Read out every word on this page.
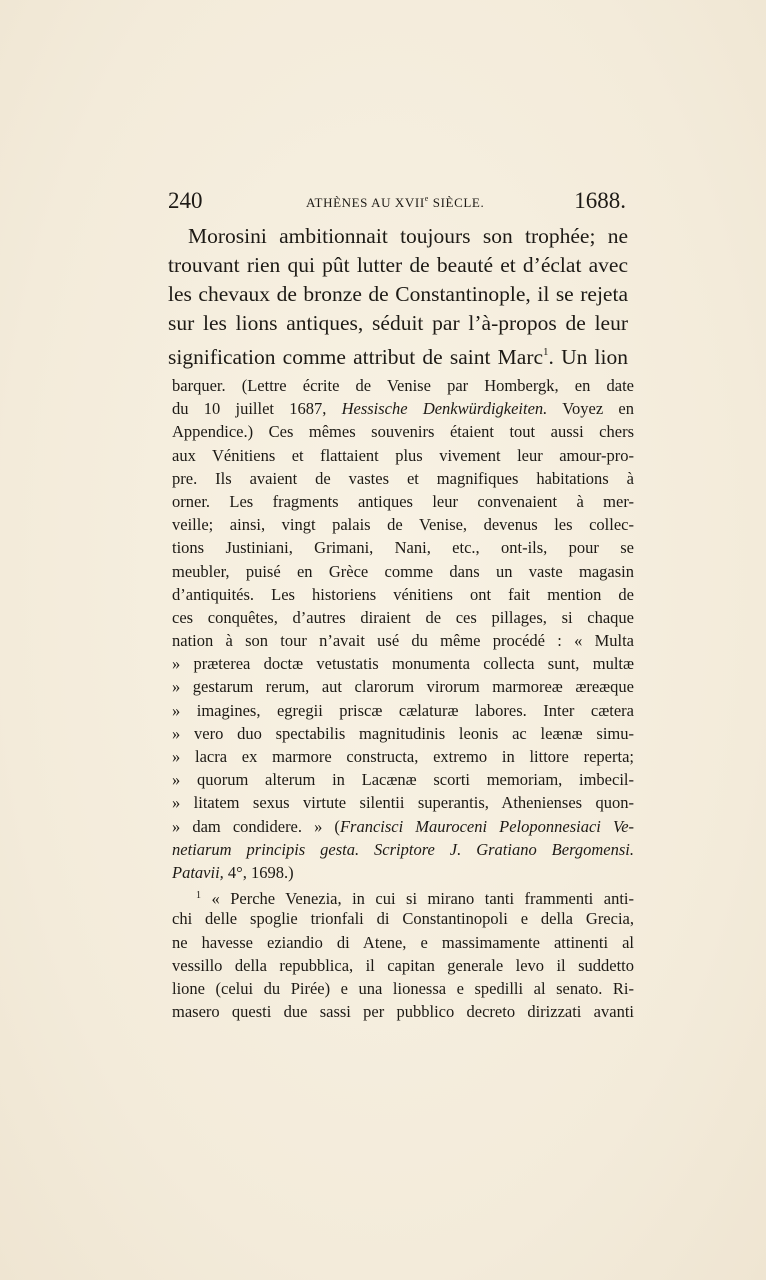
240	ATHÈNES AU XVIIe SIÈCLE.	1688.
Morosini ambitionnait toujours son trophée; ne
trouvant rien qui pût lutter de beauté et d’éclat avec
les chevaux de bronze de Constantinople, il se rejeta
sur les lions antiques, séduit par l’à-propos de leur
signification comme attribut de saint Marc$^1$. Un lion
barquer. (Lettre écrite de Venise par Hombergk, en date
du 10 juillet 1687, Hessische Denkwürdigkeiten. Voyez en
Appendice.) Ces mêmes souvenirs étaient tout aussi chers
aux Vénitiens et flattaient plus vivement leur amour-pro-
pre. Ils avaient de vastes et magnifiques habitations à
orner. Les fragments antiques leur convenaient à mer-
veille; ainsi, vingt palais de Venise, devenus les collec-
tions Justiniani, Grimani, Nani, etc., ont-ils, pour se
meubler, puisé en Grèce comme dans un vaste magasin
d’antiquités. Les historiens vénitiens ont fait mention de
ces conquêtes, d’autres diraient de ces pillages, si chaque
nation à son tour n’avait usé du même procédé : « Multa
» præterea doctæ vetustatis monumenta collecta sunt, multæ
» gestarum rerum, aut clarorum virorum marmoreæ æreæque
» imagines, egregii priscæ cælaturæ labores. Inter cætera
» vero duo spectabilis magnitudinis leonis ac leænæ simu-
» lacra ex marmore constructa, extremo in littore reperta;
» quorum alterum in Lacænæ scorti memoriam, imbecil-
» litatem sexus virtute silentii superantis, Athenienses quon-
» dam condidere. » (Francisci Mauroceni Peloponnesiaci Ve-
netiarum principis gesta. Scriptore J. Gratiano Bergomensi.
Patavii, 4°, 1698.)
$^1$ « Perche Venezia, in cui si mirano tanti frammenti anti-
chi delle spoglie trionfali di Constantinopoli e della Grecia,
ne havesse eziandio di Atene, e massimamente attinenti al
vessillo della repubblica, il capitan generale levo il suddetto
lione (celui du Pirée) e una lionessa e spedilli al senato. Ri-
masero questi due sassi per pubblico decreto dirizzati avanti
